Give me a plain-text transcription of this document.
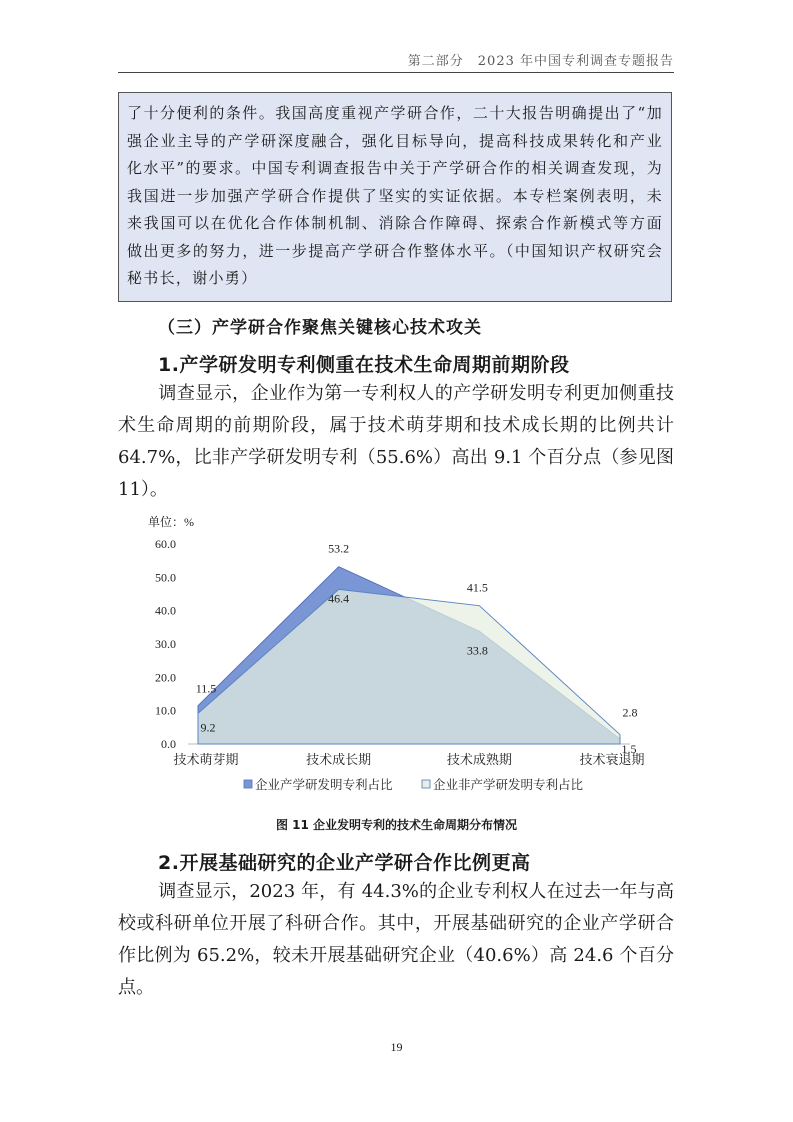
第二部分　2023 年中国专利调查专题报告
了十分便利的条件。我国高度重视产学研合作，二十大报告明确提出了“加强企业主导的产学研深度融合，强化目标导向，提高科技成果转化和产业化水平”的要求。中国专利调查报告中关于产学研合作的相关调查发现，为我国进一步加强产学研合作提供了坚实的实证依据。本专栏案例表明，未来我国可以在优化合作体制机制、消除合作障碍、探索合作新模式等方面做出更多的努力，进一步提高产学研合作整体水平。（中国知识产权研究会秘书长，谢小勇）
（三）产学研合作聚焦关键核心技术攻关
1.产学研发明专利侧重在技术生命周期前期阶段
调查显示，企业作为第一专利权人的产学研发明专利更加侧重技术生命周期的前期阶段，属于技术萌芽期和技术成长期的比例共计 64.7%，比非产学研发明专利（55.6%）高出 9.1 个百分点（参见图 11）。
单位：%
0.0
10.0
20.0
30.0
40.0
50.0
60.0
11.5
53.2
33.8
1.5
9.2
46.4
41.5
2.8
技术萌芽期	技术成长期	技术成熟期	技术衰退期
企业产学研发明专利占比	企业非产学研发明专利占比
图 11 企业发明专利的技术生命周期分布情况
2.开展基础研究的企业产学研合作比例更高
调查显示，2023 年，有 44.3%的企业专利权人在过去一年与高校或科研单位开展了科研合作。其中，开展基础研究的企业产学研合作比例为 65.2%，较未开展基础研究企业（40.6%）高 24.6 个百分点。
19
